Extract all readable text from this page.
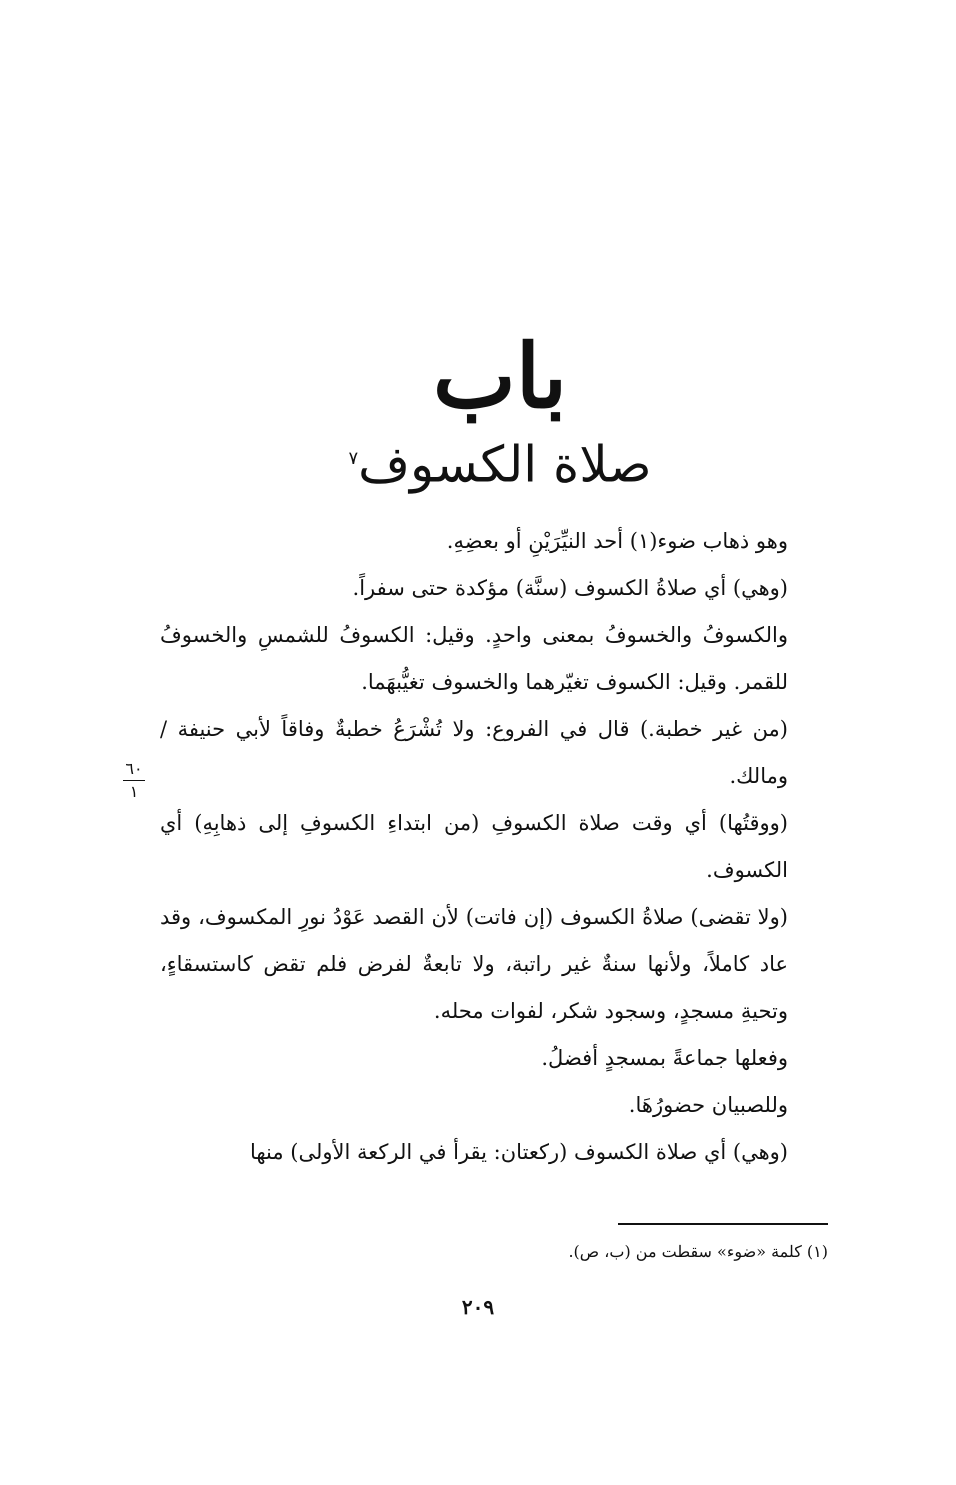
باب
صلاة الكسوف$^٧$

وهو ذهاب ضوء(١) أحد النيِّرَيْنِ أو بعضِهِ.

(وهي) أي صلاةُ الكسوف (سنَّة) مؤكدة حتى سفراً.

والكسوفُ والخسوفُ بمعنى واحدٍ. وقيل: الكسوفُ للشمسِ والخسوفُ للقمر. وقيل: الكسوف تغيّرهما والخسوف تغيُّبهَما.

(من غير خطبة.) قال في الفروع: ولا تُشْرَعُ خطبةٌ وفاقاً لأبي حنيفة / ومالك.

(ووقتُها) أي وقت صلاة الكسوفِ (من ابتداءِ الكسوفِ إلى ذهابِهِ) أي الكسوف.

(ولا تقضى) صلاةُ الكسوف (إن فاتت) لأن القصد عَوْدُ نورِ المكسوف، وقد عاد كاملاً، ولأنها سنةٌ غير راتبة، ولا تابعةٌ لفرض فلم تقض كاستسقاءٍ، وتحيةِ مسجدٍ، وسجود شكر، لفوات محله.

وفعلها جماعةً بمسجدٍ أفضلُ.

وللصبيان حضورُهَا.

(وهي) أي صلاة الكسوف (ركعتان: يقرأ في الركعة الأولى) منها

٦٠
١
(١) كلمة «ضوء» سقطت من (ب، ص).
٢٠٩
